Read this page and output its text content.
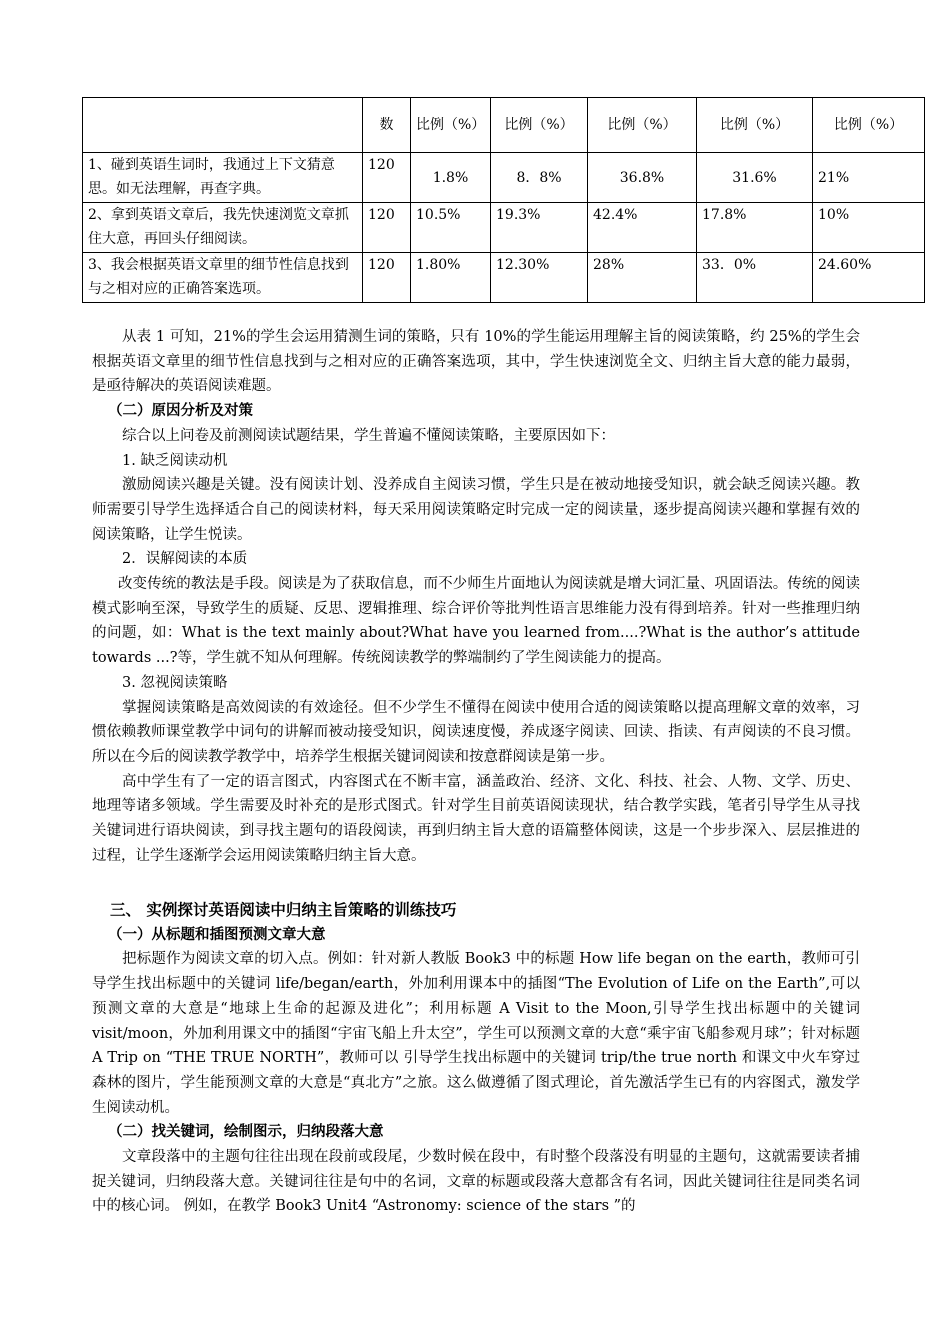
	数	比例（%）	比例（%）	比例（%）	比例（%）	比例（%）
1、碰到英语生词时，我通过上下文猜意思。如无法理解，再查字典。	120	1.8%	8．8%	36.8%	31.6%	21%
2、拿到英语文章后，我先快速浏览文章抓住大意，再回头仔细阅读。	120	10.5%	19.3%	42.4%	17.8%	10%
3、我会根据英语文章里的细节性信息找到与之相对应的正确答案选项。	120	1.80%	12.30%	28%	33．0%	24.60%

从表 1 可知，21%的学生会运用猜测生词的策略，只有 10%的学生能运用理解主旨的阅读策略，约 25%的学生会根据英语文章里的细节性信息找到与之相对应的正确答案选项，其中，学生快速浏览全文、归纳主旨大意的能力最弱，是亟待解决的英语阅读难题。

（二）原因分析及对策

综合以上问卷及前测阅读试题结果，学生普遍不懂阅读策略，主要原因如下：

1. 缺乏阅读动机

激励阅读兴趣是关键。没有阅读计划、没养成自主阅读习惯，学生只是在被动地接受知识，就会缺乏阅读兴趣。教师需要引导学生选择适合自己的阅读材料，每天采用阅读策略定时完成一定的阅读量，逐步提高阅读兴趣和掌握有效的阅读策略，让学生悦读。

2．误解阅读的本质

改变传统的教法是手段。阅读是为了获取信息，而不少师生片面地认为阅读就是增大词汇量、巩固语法。传统的阅读模式影响至深，导致学生的质疑、反思、逻辑推理、综合评价等批判性语言思维能力没有得到培养。针对一些推理归纳的问题，如：What is the text mainly about?What have you learned from....?What is the author’s attitude towards ...?等，学生就不知从何理解。传统阅读教学的弊端制约了学生阅读能力的提高。

3. 忽视阅读策略

掌握阅读策略是高效阅读的有效途径。但不少学生不懂得在阅读中使用合适的阅读策略以提高理解文章的效率，习惯依赖教师课堂教学中词句的讲解而被动接受知识，阅读速度慢，养成逐字阅读、回读、指读、有声阅读的不良习惯。所以在今后的阅读教学教学中，培养学生根据关键词阅读和按意群阅读是第一步。

高中学生有了一定的语言图式，内容图式在不断丰富，涵盖政治、经济、文化、科技、社会、人物、文学、历史、地理等诸多领域。学生需要及时补充的是形式图式。针对学生目前英语阅读现状，结合教学实践，笔者引导学生从寻找关键词进行语块阅读，到寻找主题句的语段阅读，再到归纳主旨大意的语篇整体阅读，这是一个步步深入、层层推进的过程，让学生逐渐学会运用阅读策略归纳主旨大意。

三、 实例探讨英语阅读中归纳主旨策略的训练技巧

（一）从标题和插图预测文章大意

把标题作为阅读文章的切入点。例如：针对新人教版 Book3 中的标题 How life began on the earth，教师可引导学生找出标题中的关键词 life/began/earth，外加利用课本中的插图“The Evolution of Life on the Earth”,可以预测文章的大意是“地球上生命的起源及进化”；利用标题 A Visit to the Moon,引导学生找出标题中的关键词 visit/moon，外加利用课文中的插图“宇宙飞船上升太空”，学生可以预测文章的大意“乘宇宙飞船参观月球”；针对标题 A Trip on “THE TRUE NORTH”，教师可以 引导学生找出标题中的关键词 trip/the true north 和课文中火车穿过森林的图片，学生能预测文章的大意是“真北方”之旅。这么做遵循了图式理论，首先激活学生已有的内容图式，激发学生阅读动机。

（二）找关键词，绘制图示，归纳段落大意

文章段落中的主题句往往出现在段前或段尾，少数时候在段中，有时整个段落没有明显的主题句，这就需要读者捕捉关键词，归纳段落大意。关键词往往是句中的名词，文章的标题或段落大意都含有名词，因此关键词往往是同类名词中的核心词。 例如，在教学 Book3 Unit4 “Astronomy: science of the stars ”的
